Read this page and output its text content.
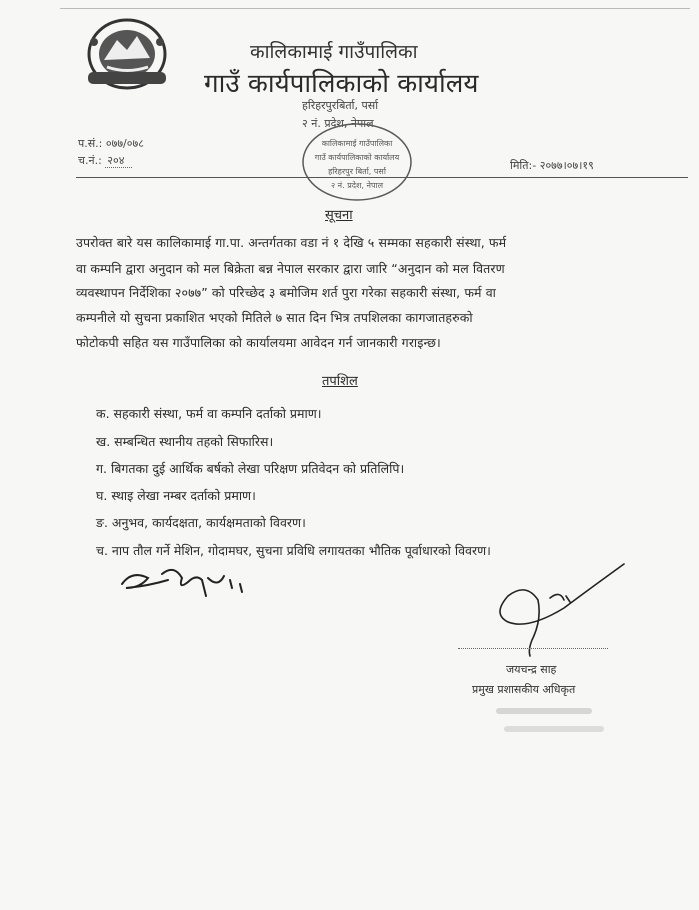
कालिकामाई गाउँपालिका
गाउँ कार्यपालिकाको कार्यालय
हरिहरपुरबिर्ता, पर्सा
२ नं. प्रदेश, नेपाल
प.सं.: ०७७/०७८
च.नं.: २०४	मिति:- २०७७।०७।१९
कालिकामाई गाउँपालिका
गाउँ कार्यपालिकाको कार्यालय
हरिहरपुर बिर्ता, पर्सा
२ नं. प्रदेश, नेपाल
सूचना
उपरोक्त बारे यस कालिकामाई गा.पा. अन्तर्गतका वडा नं १ देखि ५ सम्मका सहकारी संस्था, फर्म
वा कम्पनि द्वारा अनुदान को मल बिक्रेता बन्न नेपाल सरकार द्वारा जारि “अनुदान को मल वितरण
व्यवस्थापन निर्देशिका २०७७” को परिच्छेद ३ बमोजिम शर्त पुरा गरेका सहकारी संस्था, फर्म वा
कम्पनीले यो सुचना प्रकाशित भएको मितिले ७ सात दिन भित्र तपशिलका कागजातहरुको
फोटोकपी सहित यस गाउँपालिका को कार्यालयमा आवेदन गर्न जानकारी गराइन्छ।
तपशिल
क. सहकारी संस्था, फर्म वा कम्पनि दर्ताको प्रमाण।
ख. सम्बन्धित स्थानीय तहको सिफारिस।
ग. बिगतका दुई आर्थिक बर्षको लेखा परिक्षण प्रतिवेदन को प्रतिलिपि।
घ. स्थाइ लेखा नम्बर दर्ताको प्रमाण।
ङ. अनुभव, कार्यदक्षता, कार्यक्षमताको विवरण।
च. नाप तौल गर्ने मेशिन, गोदामघर, सुचना प्रविधि लगायतका भौतिक पूर्वाधारको विवरण।
जयचन्द्र साह
प्रमुख प्रशासकीय अधिकृत
